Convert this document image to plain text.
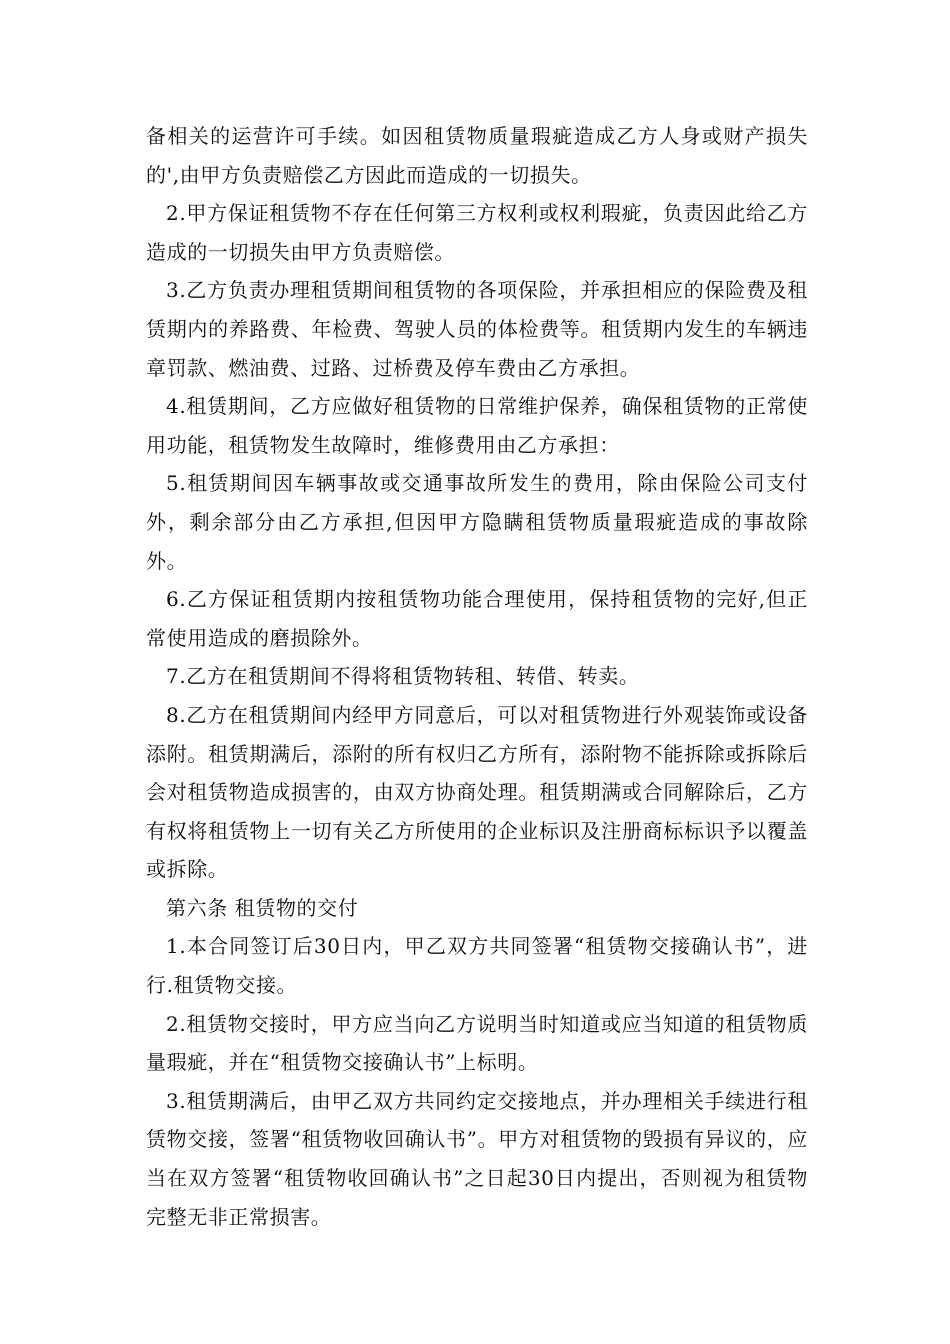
备相关的运营许可手续。如因租赁物质量瑕疵造成乙方人身或财产损失的',由甲方负责赔偿乙方因此而造成的一切损失。

2.甲方保证租赁物不存在任何第三方权利或权利瑕疵，负责因此给乙方造成的一切损失由甲方负责赔偿。

3.乙方负责办理租赁期间租赁物的各项保险，并承担相应的保险费及租赁期内的养路费、年检费、驾驶人员的体检费等。租赁期内发生的车辆违章罚款、燃油费、过路、过桥费及停车费由乙方承担。

4.租赁期间，乙方应做好租赁物的日常维护保养，确保租赁物的正常使用功能，租赁物发生故障时，维修费用由乙方承担：

5.租赁期间因车辆事故或交通事故所发生的费用，除由保险公司支付外，剩余部分由乙方承担,但因甲方隐瞒租赁物质量瑕疵造成的事故除外。

6.乙方保证租赁期内按租赁物功能合理使用，保持租赁物的完好,但正常使用造成的磨损除外。

7.乙方在租赁期间不得将租赁物转租、转借、转卖。

8.乙方在租赁期间内经甲方同意后，可以对租赁物进行外观装饰或设备添附。租赁期满后，添附的所有权归乙方所有，添附物不能拆除或拆除后会对租赁物造成损害的，由双方协商处理。租赁期满或合同解除后，乙方有权将租赁物上一切有关乙方所使用的企业标识及注册商标标识予以覆盖或拆除。

第六条 租赁物的交付

1.本合同签订后30日内，甲乙双方共同签署“租赁物交接确认书”，进行.租赁物交接。

2.租赁物交接时，甲方应当向乙方说明当时知道或应当知道的租赁物质量瑕疵，并在“租赁物交接确认书”上标明。

3.租赁期满后，由甲乙双方共同约定交接地点，并办理相关手续进行租赁物交接，签署“租赁物收回确认书”。甲方对租赁物的毁损有异议的，应当在双方签署“租赁物收回确认书”之日起30日内提出，否则视为租赁物完整无非正常损害。
